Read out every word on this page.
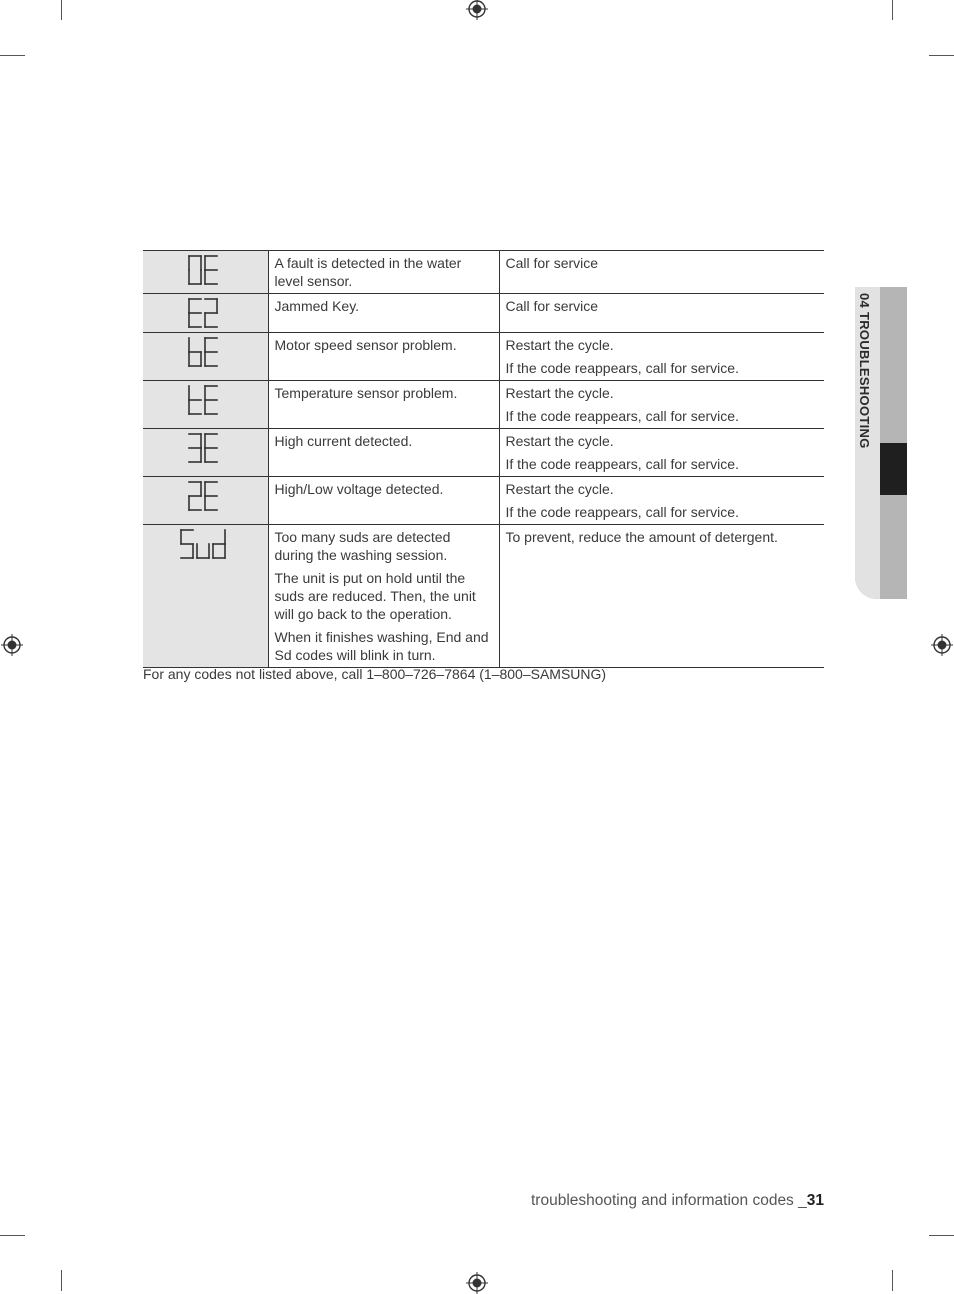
04 TROUBLESHOOTING

A fault is detected in the water level sensor.	Call for service

Jammed Key.	Call for service

Motor speed sensor problem.	Restart the cycle.
If the code reappears, call for service.

Temperature sensor problem.	Restart the cycle.
If the code reappears, call for service.

High current detected.	Restart the cycle.
If the code reappears, call for service.

High/Low voltage detected.	Restart the cycle.
If the code reappears, call for service.

Too many suds are detected during the washing session.
The unit is put on hold until the suds are reduced. Then, the unit will go back to the operation.
When it finishes washing, End and Sd codes will blink in turn.	To prevent, reduce the amount of detergent.
For any codes not listed above, call 1–800–726–7864 (1–800–SAMSUNG)
troubleshooting and information codes _31
